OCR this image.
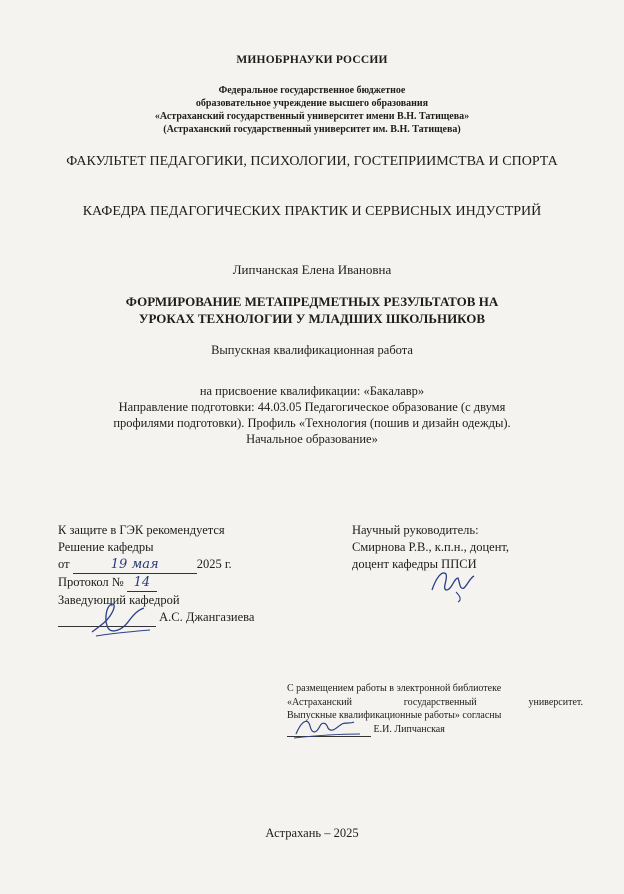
МИНОБРНАУКИ РОССИИ
Федеральное государственное бюджетное
образовательное учреждение высшего образования
«Астраханский государственный университет имени В.Н. Татищева»
(Астраханский государственный университет им. В.Н. Татищева)
ФАКУЛЬТЕТ ПЕДАГОГИКИ, ПСИХОЛОГИИ, ГОСТЕПРИИМСТВА И СПОРТА
КАФЕДРА ПЕДАГОГИЧЕСКИХ ПРАКТИК И СЕРВИСНЫХ ИНДУСТРИЙ
Липчанская Елена Ивановна
ФОРМИРОВАНИЕ МЕТАПРЕДМЕТНЫХ РЕЗУЛЬТАТОВ НА
УРОКАХ ТЕХНОЛОГИИ У МЛАДШИХ ШКОЛЬНИКОВ
Выпускная квалификационная работа
на присвоение квалификации: «Бакалавр»
Направление подготовки: 44.03.05 Педагогическое образование (с двумя
профилями подготовки). Профиль «Технология (пошив и дизайн одежды).
Начальное образование»
К защите в ГЭК рекомендуется
Решение кафедры
от	19 мая	2025 г.
Протокол № 14
Заведующий кафедрой
А.С. Джангазиева
Научный руководитель:
Смирнова Р.В., к.п.н., доцент,
доцент кафедры ППСИ
С размещением работы в электронной библиотеке
«Астраханский государственный университет.
Выпускные квалификационные работы» согласны
Е.И. Липчанская
Астрахань – 2025
